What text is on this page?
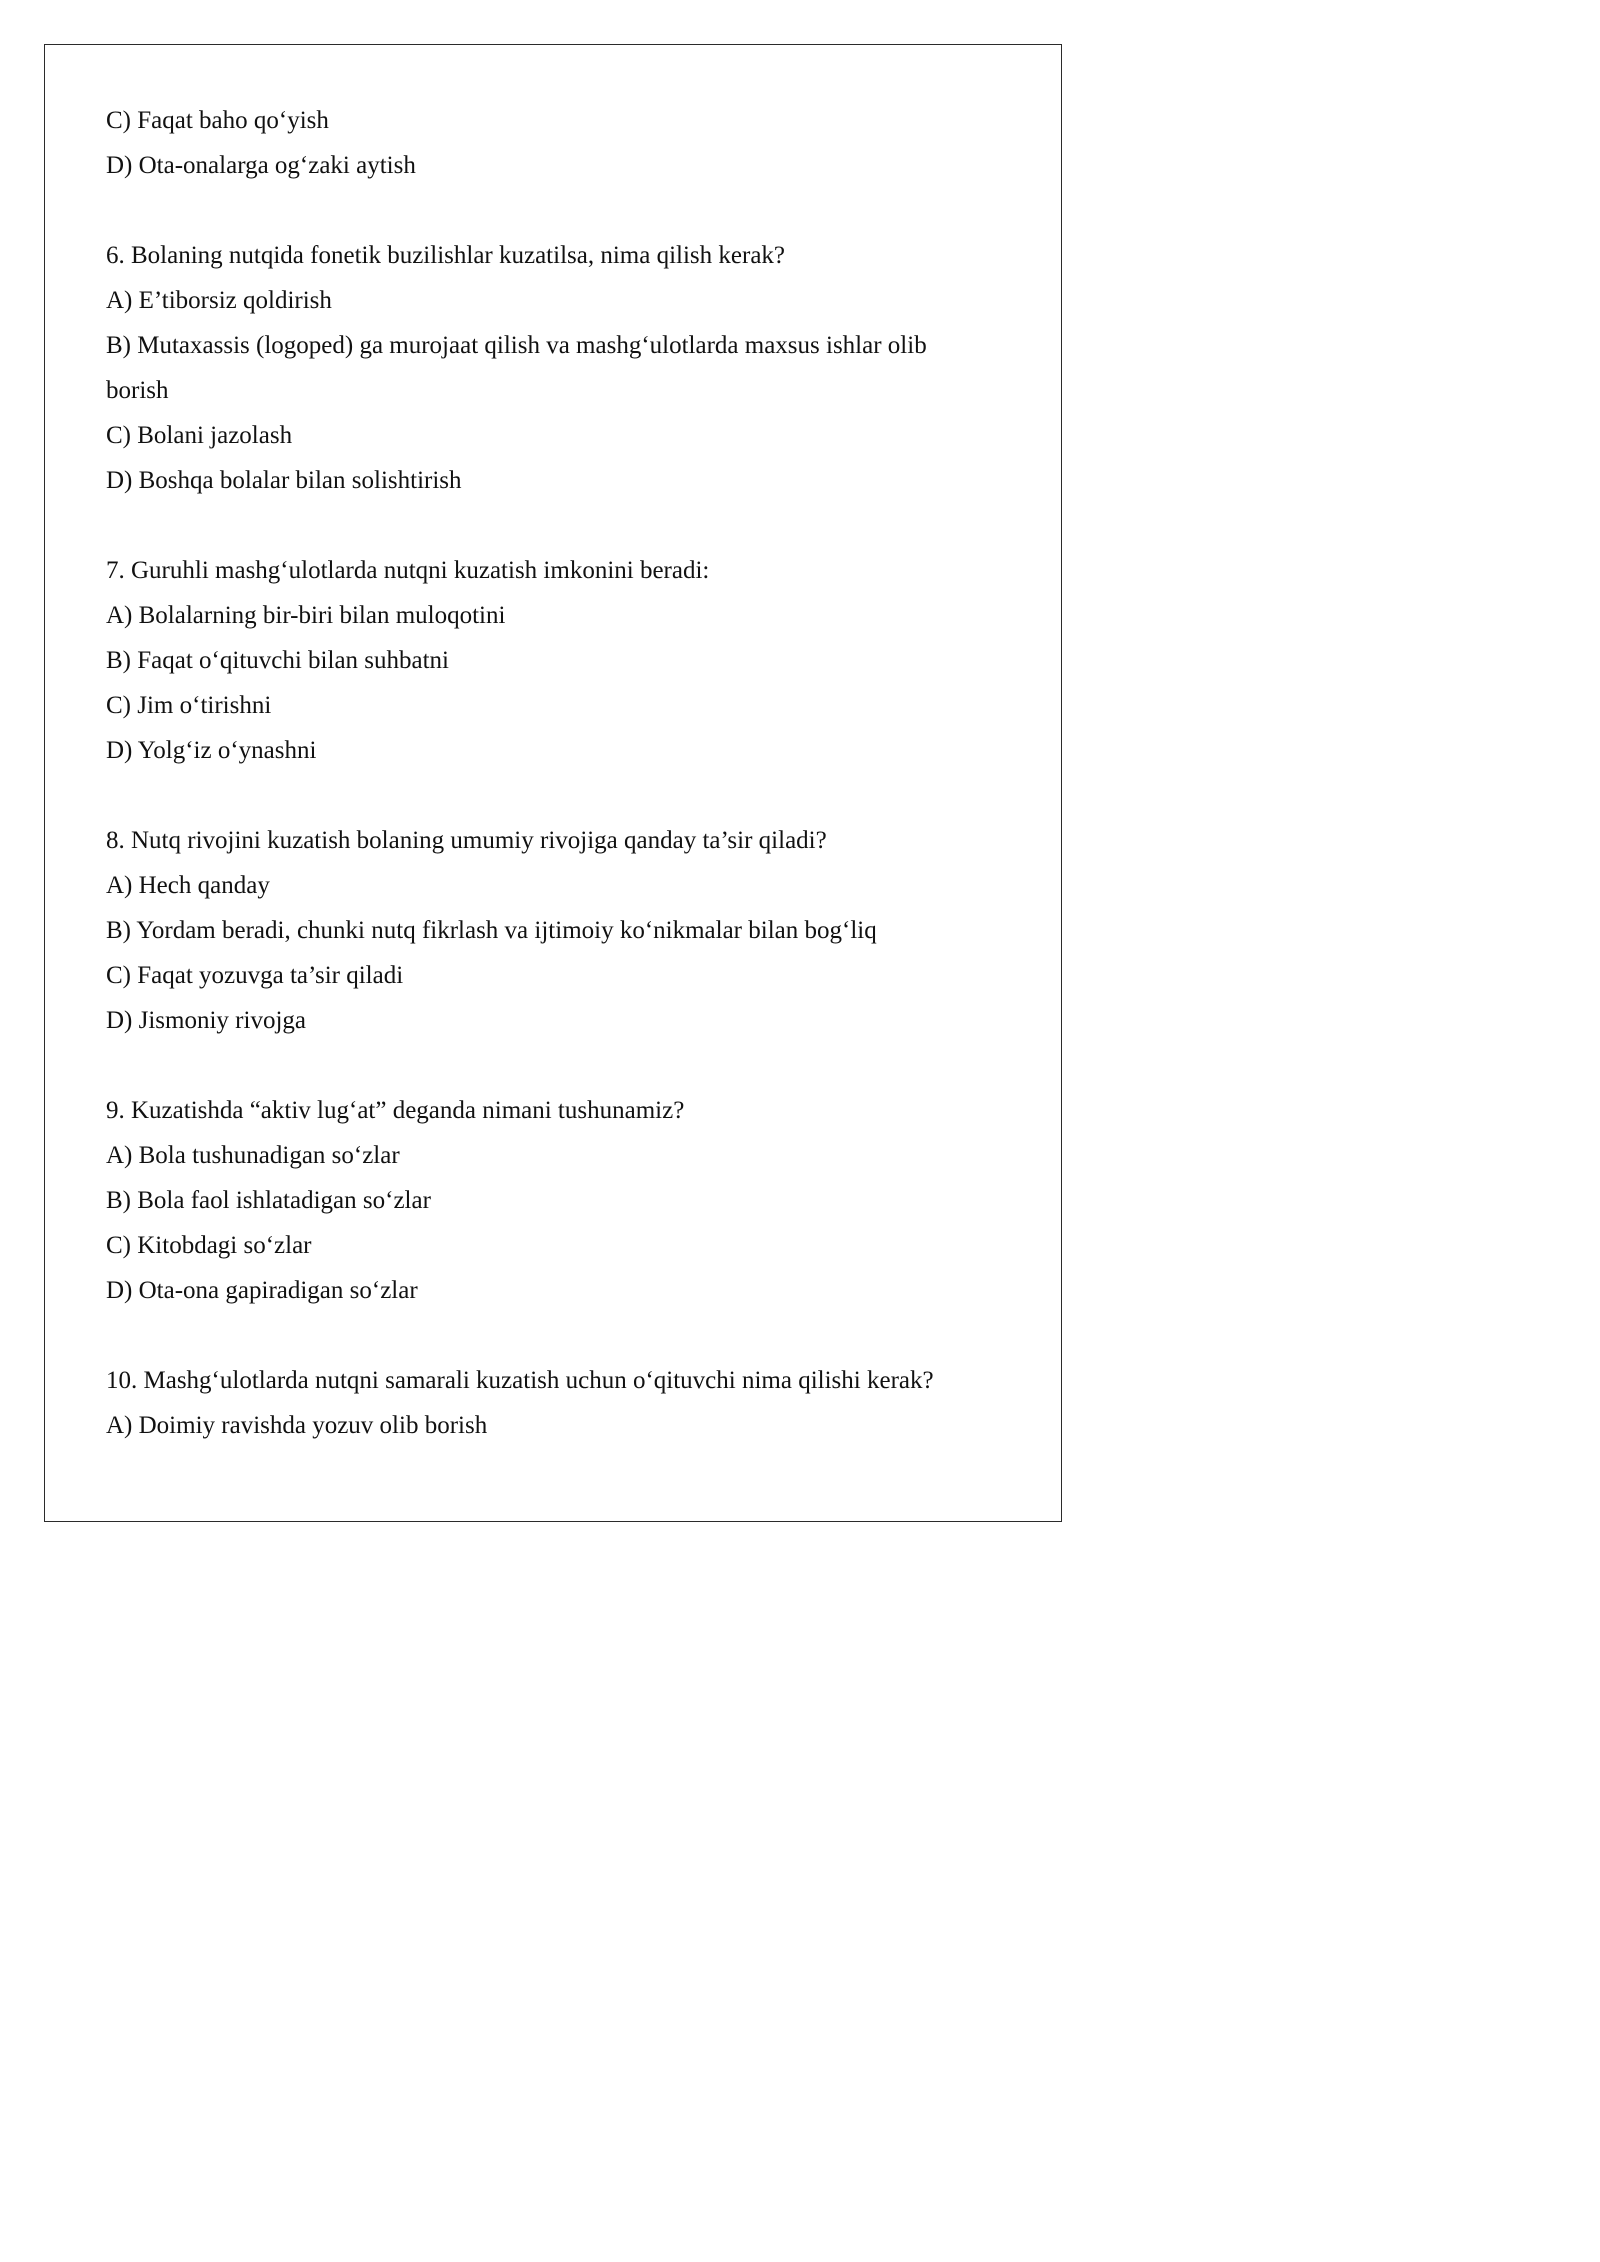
C) Faqat baho qoʻyish
D) Ota-onalarga ogʻzaki aytish
6. Bolaning nutqida fonetik buzilishlar kuzatilsa, nima qilish kerak?
A) E’tiborsiz qoldirish
B) Mutaxassis (logoped) ga murojaat qilish va mashgʻulotlarda maxsus ishlar olib
borish
C) Bolani jazolash
D) Boshqa bolalar bilan solishtirish
7. Guruhli mashgʻulotlarda nutqni kuzatish imkonini beradi:
A) Bolalarning bir-biri bilan muloqotini
B) Faqat oʻqituvchi bilan suhbatni
C) Jim oʻtirishni
D) Yolgʻiz oʻynashni
8. Nutq rivojini kuzatish bolaning umumiy rivojiga qanday ta’sir qiladi?
A) Hech qanday
B) Yordam beradi, chunki nutq fikrlash va ijtimoiy koʻnikmalar bilan bogʻliq
C) Faqat yozuvga ta’sir qiladi
D) Jismoniy rivojga
9. Kuzatishda “aktiv lugʻat” deganda nimani tushunamiz?
A) Bola tushunadigan soʻzlar
B) Bola faol ishlatadigan soʻzlar
C) Kitobdagi soʻzlar
D) Ota-ona gapiradigan soʻzlar
10. Mashgʻulotlarda nutqni samarali kuzatish uchun oʻqituvchi nima qilishi kerak?
A) Doimiy ravishda yozuv olib borish
